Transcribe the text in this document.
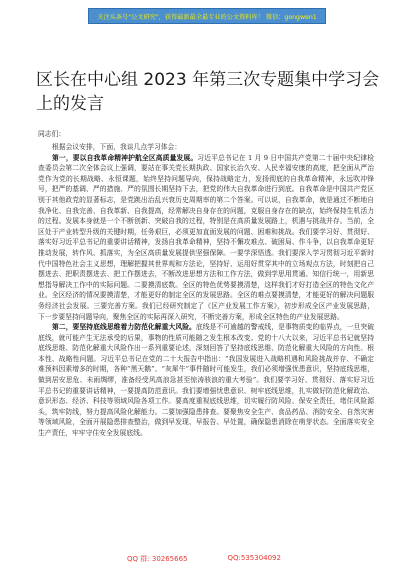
关注头条号"公文研究"，获得最新最全最专业的公文资料库！ 微信：gongwen1
区长在中心组 2023 年第三次专题集中学习会上的发言
同志们：

根据会议安排，下面，我谈几点学习体会：

第一，要以自我革命精神护航全区高质量发展。习近平总书记在 1 月 9 日中国共产党第二十届中央纪律检查委员会第二次全体会议上强调，要站在事关党长期执政、国家长治久安、人民幸福安康的高度，把全面从严治党作为党的长期战略、永恒课题，始终坚持问题导向，保持战略定力，发扬彻底的自我革命精神，永远吹冲锋号，把严的基调、严的措施、严的氛围长期坚持下去，把党的伟大自我革命进行到底。自我革命是中国共产党区别于其他政党的显著标志，是党跳出治乱兴衰历史周期率的第二个答案。可以说，自我革命，就是通过不断地自我净化、自我完善、自我革新、自我提高，经常解决自身存在的问题，克服自身存在的缺点，始终保持生机活力的过程。发展本身就是一个不断创新、突破自我的过程，特别是在高质量发展路上，机遇与挑战并存。当前，全区处于产业转型升级的关键时期，任务艰巨，必须更加直面发展的问题、困难和挑战。我们要学习好、贯彻好、落实好习近平总书记的重要讲话精神，发扬自我革命精神，坚持不懈攻难点、破困局、作斗争，以自我革命更好推动发展，转作风、抓落实，为全区高质量发展提供坚强保障。一要学深悟透。我们要深入学习贯彻习近平新时代中国特色社会主义思想，理解把握其世界观和方法论，坚持好、运用好贯穿其中的立场观点方法，时刻把自己摆进去、把职责摆进去、把工作摆进去，不断改进思想方法和工作方法，做到学思用贯通、知信行统一，用新思想指导解决工作中的实际问题。二要摸清底数。全区的特色优势要摸清楚，这样我们才好打造全区的特色文化产业。全区经济的情况要摸清楚，才能更好的制定全区的发展思路。全区的难点要摸清楚，才能更好的解决问题服务经济社会发展。三要完善方案。我们已经研究制定了《区产业发展工作方案》，初步形成全区产业发展思路，下一步要坚持问题导向，聚焦全区的实际再深入研究，不断完善方案，形成全区特色的产业发展思路。

第二，要坚持底线思维着力防范化解重大风险。底线是不可逾越的警戒线，是事物质变的临界点，一旦突破底线，就可能产生无法承受的后果，事物的性质可能随之发生根本改变。党的十八大以来，习近平总书记就坚持底线思维、防范化解重大风险作出一系列重要论述，深刻回答了坚持底线思维、防范化解重大风险的方向性、根本性、战略性问题。习近平总书记在党的二十大报告中指出：“我国发展进入战略机遇和风险挑战并存、不确定难预料因素增多的时期，各种“黑天鹅”、“灰犀牛”事件随时可能发生，我们必须增强忧患意识，坚持底线思维，做到居安思危、未雨绸缪，准备经受风高浪急甚至惊涛骇浪的重大考验”。我们要学习好、贯彻好、落实好习近平总书记的重要讲话精神，一要提高防范意识。我们要增强忧患意识、树牢底线思维，扎实做好防范化解政治、意识形态、经济、科技等领域风险各项工作。要高度重视底线思维，切实履行防风险、保安全责任，堵住风险源头，筑牢防线，努力提高风险化解能力。二要加强隐患排查。要聚焦安全生产、食品药品、消防安全、自然灾害等领域风险，全面开展隐患排查整治，做到早发现、早报告、早处置，确保隐患消除在萌芽状态。全面落实安全生产责任，牢牢守住安全发展底线。

QQ 群: 30265665	QQ:535304092
